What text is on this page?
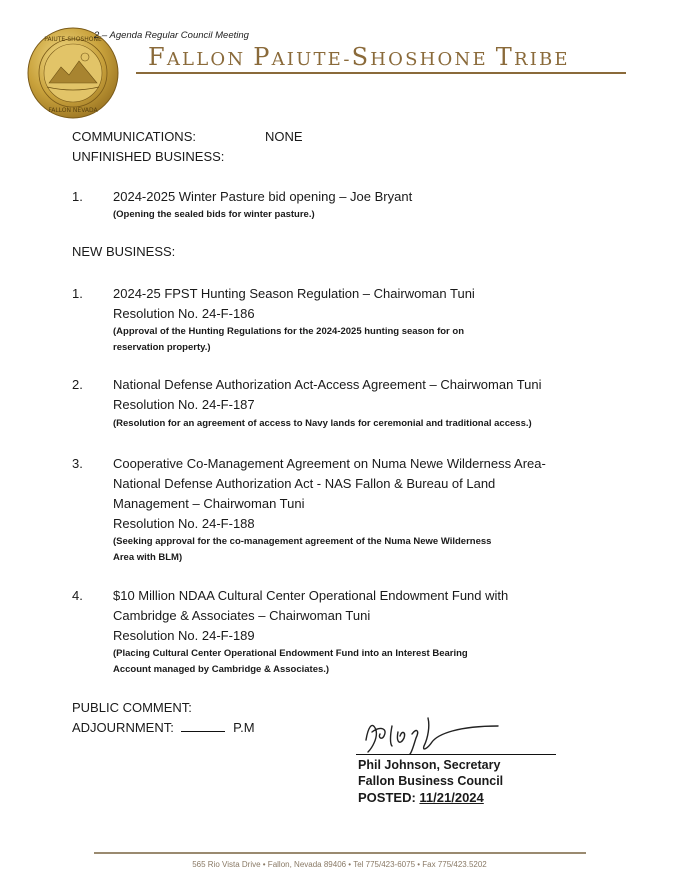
PAIUTE-SHOSHONE
FALLON NEVADA
2 – Agenda Regular Council Meeting
FALLON PAIUTE-SHOSHONE TRIBE
COMMUNICATIONS:	NONE
UNFINISHED BUSINESS:
1. 2024-2025 Winter Pasture bid opening – Joe Bryant
(Opening the sealed bids for winter pasture.)
NEW BUSINESS:
1. 2024-25 FPST Hunting Season Regulation – Chairwoman Tuni
Resolution No. 24-F-186
(Approval of the Hunting Regulations for the 2024-2025 hunting season for on
reservation property.)
2. National Defense Authorization Act-Access Agreement – Chairwoman Tuni
Resolution No. 24-F-187
(Resolution for an agreement of access to Navy lands for ceremonial and traditional access.)
3. Cooperative Co-Management Agreement on Numa Newe Wilderness Area-
National Defense Authorization Act - NAS Fallon & Bureau of Land
Management – Chairwoman Tuni
Resolution No. 24-F-188
(Seeking approval for the co-management agreement of the Numa Newe Wilderness
Area with BLM)
4. $10 Million NDAA Cultural Center Operational Endowment Fund with
Cambridge & Associates – Chairwoman Tuni
Resolution No. 24-F-189
(Placing Cultural Center Operational Endowment Fund into an Interest Bearing
Account managed by Cambridge & Associates.)
PUBLIC COMMENT:
ADJOURNMENT:	P.M
Phil Johnson, Secretary
Fallon Business Council
POSTED: 11/21/2024
565 Rio Vista Drive • Fallon, Nevada 89406 • Tel 775/423-6075 • Fax 775/423.5202
